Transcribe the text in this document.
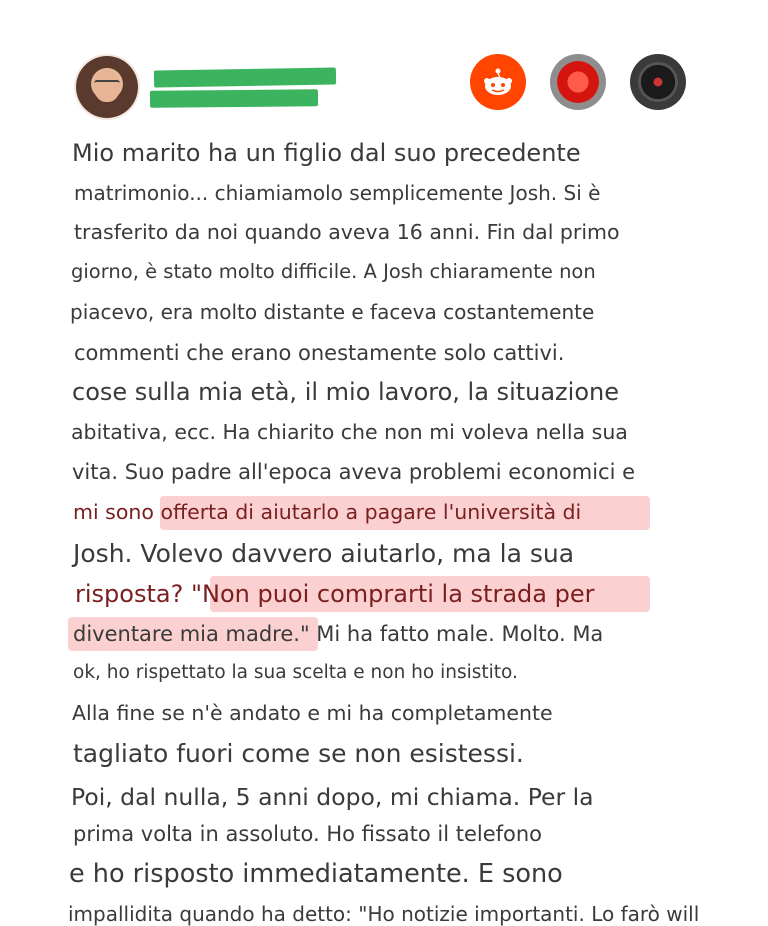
Mio marito ha un figlio dal suo precedente
matrimonio... chiamiamolo semplicemente Josh. Si è
trasferito da noi quando aveva 16 anni. Fin dal primo
giorno, è stato molto difficile. A Josh chiaramente non
piacevo, era molto distante e faceva costantemente
commenti che erano onestamente solo cattivi.
cose sulla mia età, il mio lavoro, la situazione
abitativa, ecc. Ha chiarito che non mi voleva nella sua
vita. Suo padre all'epoca aveva problemi economici e
mi sono offerta di aiutarlo a pagare l'università di
Josh. Volevo davvero aiutarlo, ma la sua
risposta? "Non puoi comprarti la strada per
diventare mia madre." Mi ha fatto male. Molto. Ma
ok, ho rispettato la sua scelta e non ho insistito.
Alla fine se n'è andato e mi ha completamente
tagliato fuori come se non esistessi.
Poi, dal nulla, 5 anni dopo, mi chiama. Per la
prima volta in assoluto. Ho fissato il telefono
e ho risposto immediatamente. E sono
impallidita quando ha detto: "Ho notizie importanti. Lo farò will
